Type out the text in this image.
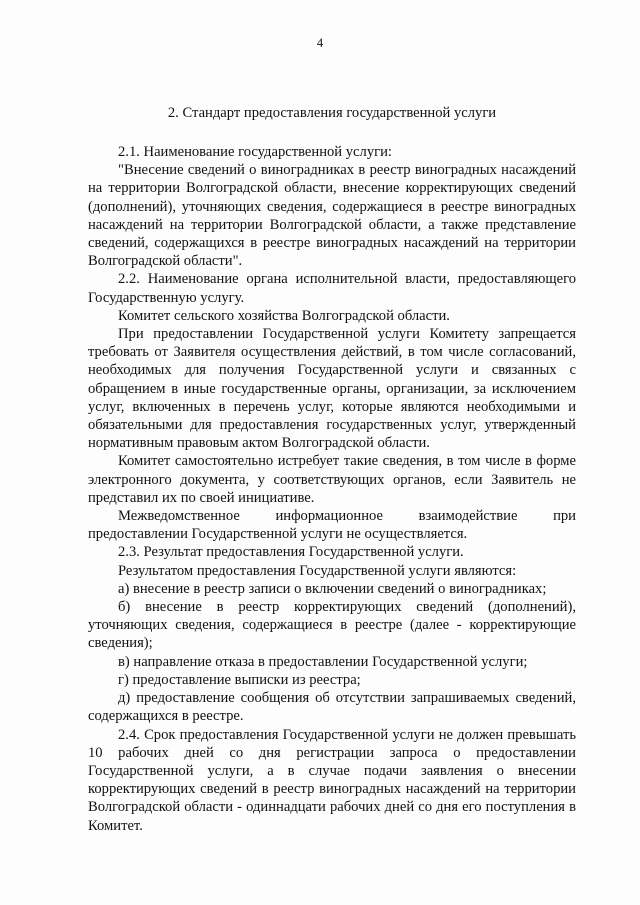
4
2. Стандарт предоставления государственной услуги

2.1. Наименование государственной услуги:

"Внесение сведений о виноградниках в реестр виноградных насаждений на территории Волгоградской области, внесение корректирующих сведений (дополнений), уточняющих сведения, содержащиеся в реестре виноградных насаждений на территории Волгоградской области, а также представление сведений, содержащихся в реестре виноградных насаждений на территории Волгоградской области".

2.2. Наименование органа исполнительной власти, предоставляющего Государственную услугу.

Комитет сельского хозяйства Волгоградской области.

При предоставлении Государственной услуги Комитету запрещается требовать от Заявителя осуществления действий, в том числе согласований, необходимых для получения Государственной услуги и связанных с обращением в иные государственные органы, организации, за исключением услуг, включенных в перечень услуг, которые являются необходимыми и обязательными для предоставления государственных услуг, утвержденный нормативным правовым актом Волгоградской области.

Комитет самостоятельно истребует такие сведения, в том числе в форме электронного документа, у соответствующих органов, если Заявитель не представил их по своей инициативе.

Межведомственное информационное взаимодействие при предоставлении Государственной услуги не осуществляется.

2.3. Результат предоставления Государственной услуги.

Результатом предоставления Государственной услуги являются:

а) внесение в реестр записи о включении сведений о виноградниках;

б) внесение в реестр корректирующих сведений (дополнений), уточняющих сведения, содержащиеся в реестре (далее - корректирующие сведения);

в) направление отказа в предоставлении Государственной услуги;

г) предоставление выписки из реестра;

д) предоставление сообщения об отсутствии запрашиваемых сведений, содержащихся в реестре.

2.4. Срок предоставления Государственной услуги не должен превышать 10 рабочих дней со дня регистрации запроса о предоставлении Государственной услуги, а в случае подачи заявления о внесении корректирующих сведений в реестр виноградных насаждений на территории Волгоградской области - одиннадцати рабочих дней со дня его поступления в Комитет.
